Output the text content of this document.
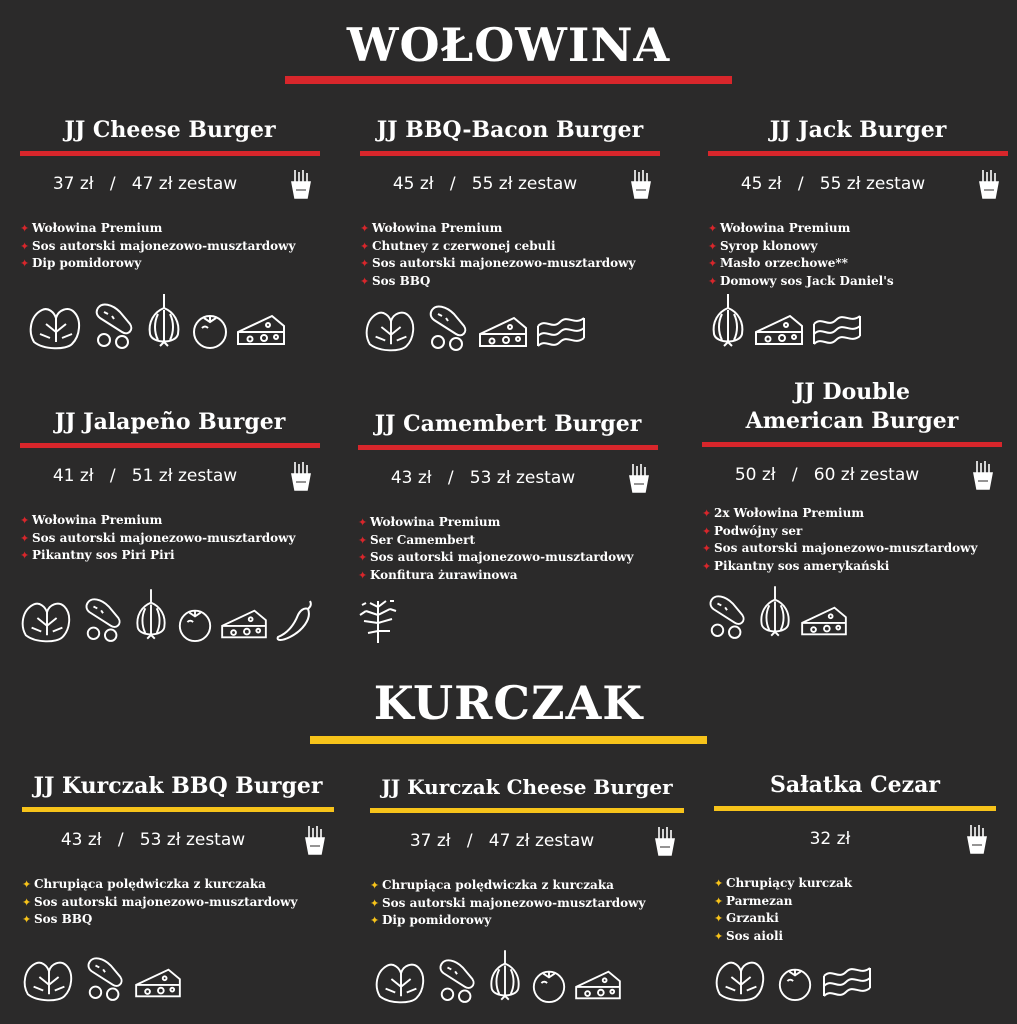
WOŁOWINA
JJ Cheese Burger
37 zł   /   47 zł zestaw
✦ Wołowina Premium
✦ Sos autorski majonezowo-musztardowy
✦ Dip pomidorowy
JJ BBQ-Bacon Burger
45 zł   /   55 zł zestaw
✦ Wołowina Premium
✦ Chutney z czerwonej cebuli
✦ Sos autorski majonezowo-musztardowy
✦ Sos BBQ
JJ Jack Burger
45 zł   /   55 zł zestaw
✦ Wołowina Premium
✦ Syrop klonowy
✦ Masło orzechowe**
✦ Domowy sos Jack Daniel's
JJ Jalapeño Burger
41 zł   /   51 zł zestaw
✦ Wołowina Premium
✦ Sos autorski majonezowo-musztardowy
✦ Pikantny sos Piri Piri
JJ Camembert Burger
43 zł   /   53 zł zestaw
✦ Wołowina Premium
✦ Ser Camembert
✦ Sos autorski majonezowo-musztardowy
✦ Konfitura żurawinowa
JJ Double
American Burger
50 zł   /   60 zł zestaw
✦ 2x Wołowina Premium
✦ Podwójny ser
✦ Sos autorski majonezowo-musztardowy
✦ Pikantny sos amerykański
KURCZAK
JJ Kurczak BBQ Burger
43 zł   /   53 zł zestaw
✦ Chrupiąca polędwiczka z kurczaka
✦ Sos autorski majonezowo-musztardowy
✦ Sos BBQ
JJ Kurczak Cheese Burger
37 zł   /   47 zł zestaw
✦ Chrupiąca polędwiczka z kurczaka
✦ Sos autorski majonezowo-musztardowy
✦ Dip pomidorowy
Sałatka Cezar
32 zł
✦ Chrupiący kurczak
✦ Parmezan
✦ Grzanki
✦ Sos aioli
